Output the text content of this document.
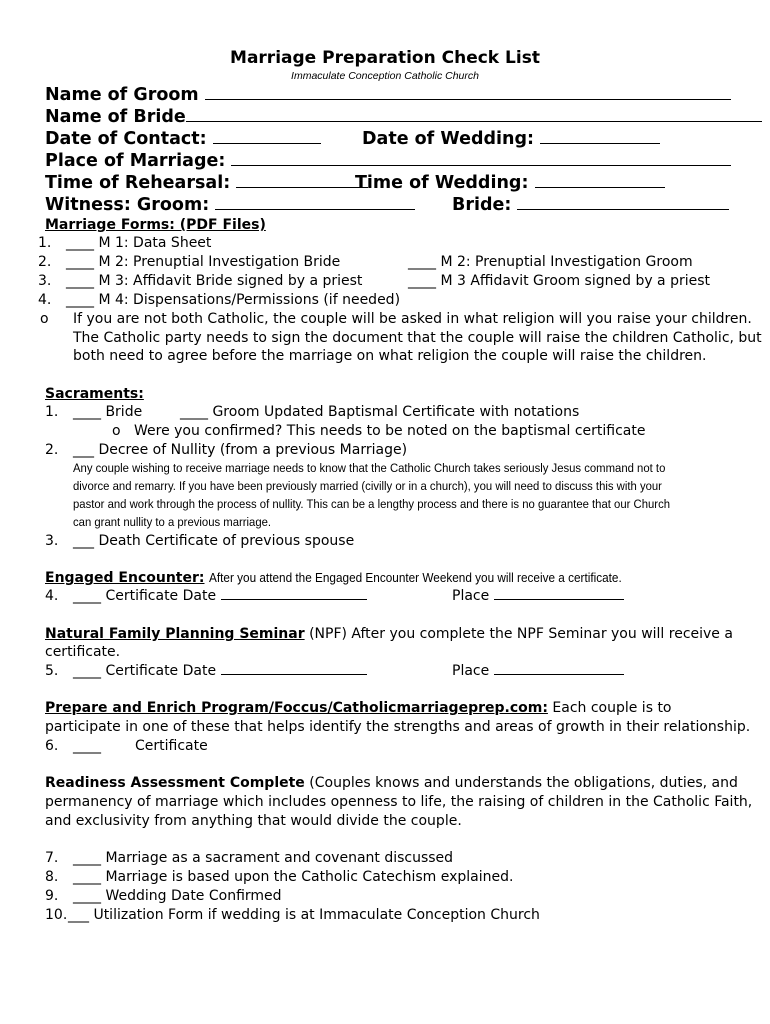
Marriage Preparation Check List
Immaculate Conception Catholic Church
Name of Groom
Name of Bride
Date of Contact:	Date of Wedding:
Place of Marriage:
Time of Rehearsal:	Time of Wedding:
Witness: Groom:	Bride:
Marriage Forms: (PDF Files)
1. ____ M 1: Data Sheet
2. ____ M 2: Prenuptial Investigation Bride	____ M 2: Prenuptial Investigation Groom
3. ____ M 3: Affidavit Bride signed by a priest	____ M 3 Affidavit Groom signed by a priest
4. ____ M 4: Dispensations/Permissions (if needed)
o If you are not both Catholic, the couple will be asked in what religion will you raise your children.
The Catholic party needs to sign the document that the couple will raise the children Catholic, but
both need to agree before the marriage on what religion the couple will raise the children.
Sacraments:
1. ____ Bride	____ Groom Updated Baptismal Certificate with notations
o Were you confirmed? This needs to be noted on the baptismal certificate
2. ___ Decree of Nullity (from a previous Marriage)
Any couple wishing to receive marriage needs to know that the Catholic Church takes seriously Jesus command not to
divorce and remarry. If you have been previously married (civilly or in a church), you will need to discuss this with your
pastor and work through the process of nullity. This can be a lengthy process and there is no guarantee that our Church
can grant nullity to a previous marriage.
3. ___ Death Certificate of previous spouse
Engaged Encounter: After you attend the Engaged Encounter Weekend you will receive a certificate.
4. ____ Certificate Date	Place
Natural Family Planning Seminar (NPF) After you complete the NPF Seminar you will receive a
certificate.
5. ____ Certificate Date	Place
Prepare and Enrich Program/Foccus/Catholicmarriageprep.com: Each couple is to
participate in one of these that helps identify the strengths and areas of growth in their relationship.
6. ____ Certificate
Readiness Assessment Complete (Couples knows and understands the obligations, duties, and
permanency of marriage which includes openness to life, the raising of children in the Catholic Faith,
and exclusivity from anything that would divide the couple.
7. ____ Marriage as a sacrament and covenant discussed
8. ____ Marriage is based upon the Catholic Catechism explained.
9. ____ Wedding Date Confirmed
10.___ Utilization Form if wedding is at Immaculate Conception Church
